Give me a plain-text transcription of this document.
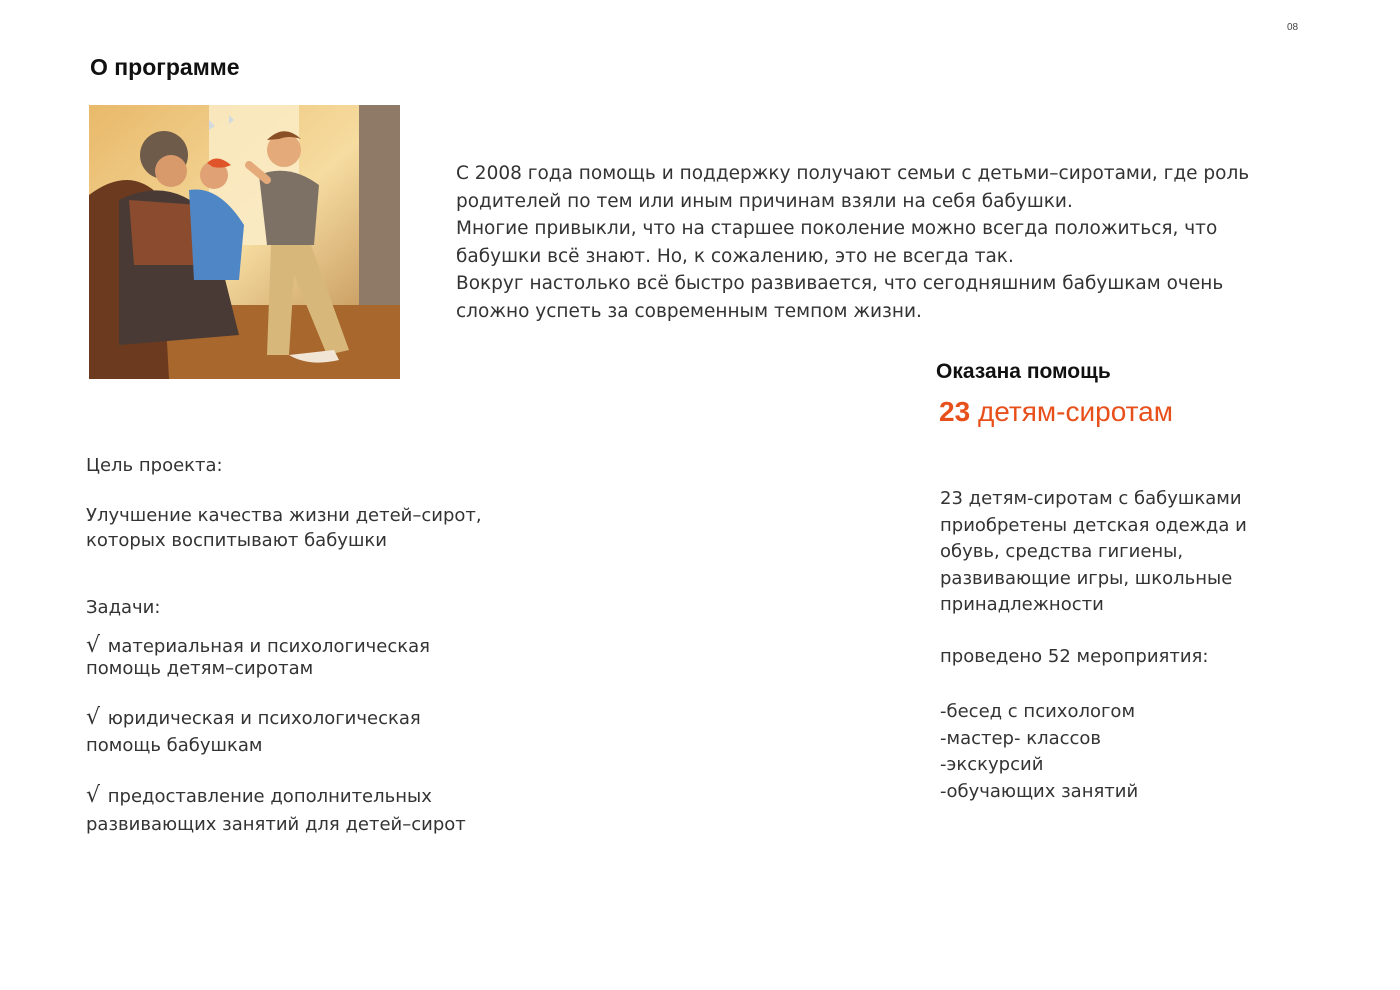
08
О программе

С 2008 года помощь и поддержку получают семьи с детьми–сиротами, где роль родителей по тем или иным причинам взяли на себя бабушки.

Многие привыкли, что на старшее поколение можно всегда положиться, что бабушки всё знают. Но, к сожалению, это не всегда так.

Вокруг настолько всё быстро развивается, что сегодняшним бабушкам очень сложно успеть за современным темпом жизни.

Оказана помощь
23 детям-сиротам
Цель проекта:
Улучшение качества жизни детей–сирот, которых воспитывают бабушки
Задачи:
√ материальная и психологическая помощь детям–сиротам
√ юридическая и психологическая помощь бабушкам
√ предоставление дополнительных развивающих занятий для детей–сирот
23 детям-сиротам с бабушками приобретены детская одежда и обувь, средства гигиены, развивающие игры, школьные принадлежности
проведено 52 мероприятия:
-бесед с психологом
-мастер- классов
-экскурсий
-обучающих занятий
